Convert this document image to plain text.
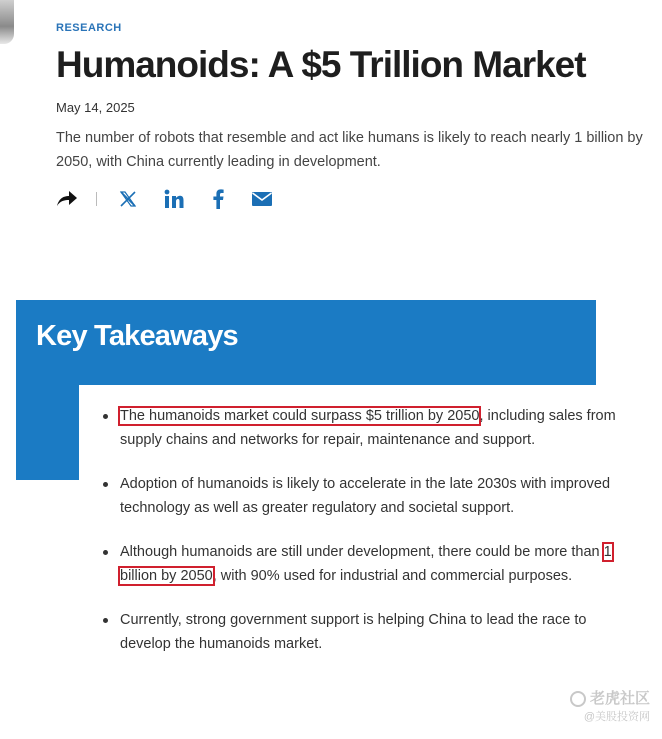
RESEARCH
Humanoids: A $5 Trillion Market
May 14, 2025

The number of robots that resemble and act like humans is likely to reach nearly 1 billion by 2050, with China currently leading in development.

Key Takeaways
The humanoids market could surpass $5 trillion by 2050, including sales from supply chains and networks for repair, maintenance and support.
Adoption of humanoids is likely to accelerate in the late 2030s with improved technology as well as greater regulatory and societal support.
Although humanoids are still under development, there could be more than 1 billion by 2050, with 90% used for industrial and commercial purposes.
Currently, strong government support is helping China to lead the race to develop the humanoids market.
老虎社区
@美股投资网
